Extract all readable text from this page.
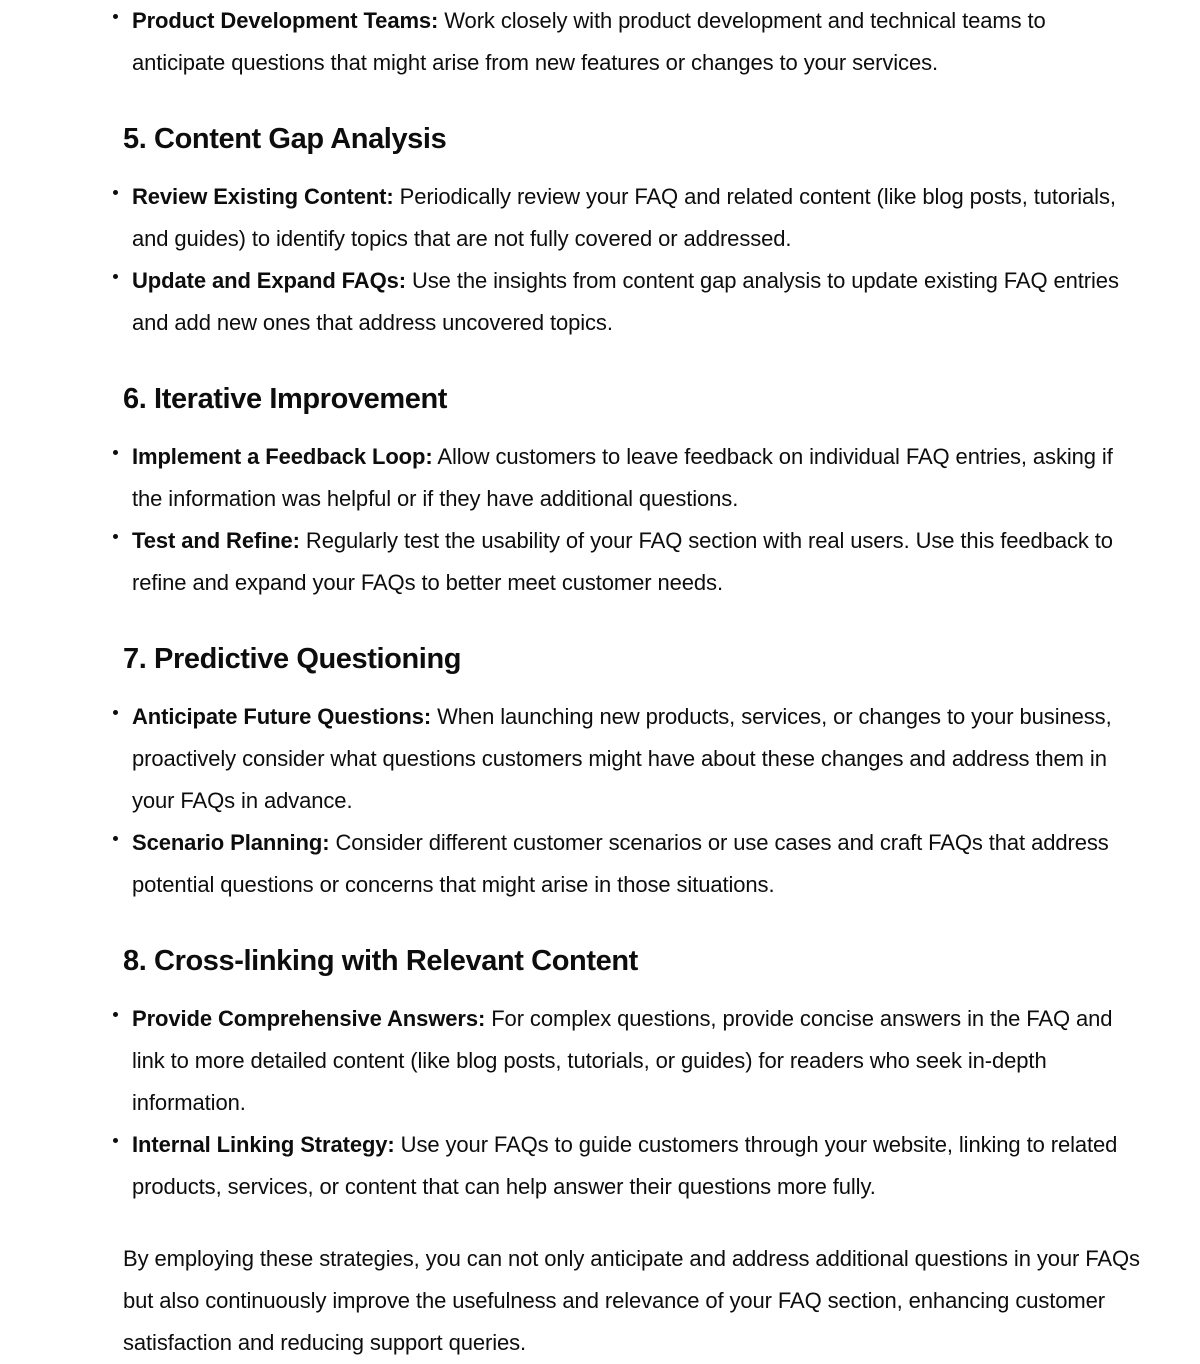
Product Development Teams: Work closely with product development and technical teams to anticipate questions that might arise from new features or changes to your services.
5. Content Gap Analysis
Review Existing Content: Periodically review your FAQ and related content (like blog posts, tutorials, and guides) to identify topics that are not fully covered or addressed.
Update and Expand FAQs: Use the insights from content gap analysis to update existing FAQ entries and add new ones that address uncovered topics.
6. Iterative Improvement
Implement a Feedback Loop: Allow customers to leave feedback on individual FAQ entries, asking if the information was helpful or if they have additional questions.
Test and Refine: Regularly test the usability of your FAQ section with real users. Use this feedback to refine and expand your FAQs to better meet customer needs.
7. Predictive Questioning
Anticipate Future Questions: When launching new products, services, or changes to your business, proactively consider what questions customers might have about these changes and address them in your FAQs in advance.
Scenario Planning: Consider different customer scenarios or use cases and craft FAQs that address potential questions or concerns that might arise in those situations.
8. Cross-linking with Relevant Content
Provide Comprehensive Answers: For complex questions, provide concise answers in the FAQ and link to more detailed content (like blog posts, tutorials, or guides) for readers who seek in-depth information.
Internal Linking Strategy: Use your FAQs to guide customers through your website, linking to related products, services, or content that can help answer their questions more fully.

By employing these strategies, you can not only anticipate and address additional questions in your FAQs but also continuously improve the usefulness and relevance of your FAQ section, enhancing customer satisfaction and reducing support queries.
